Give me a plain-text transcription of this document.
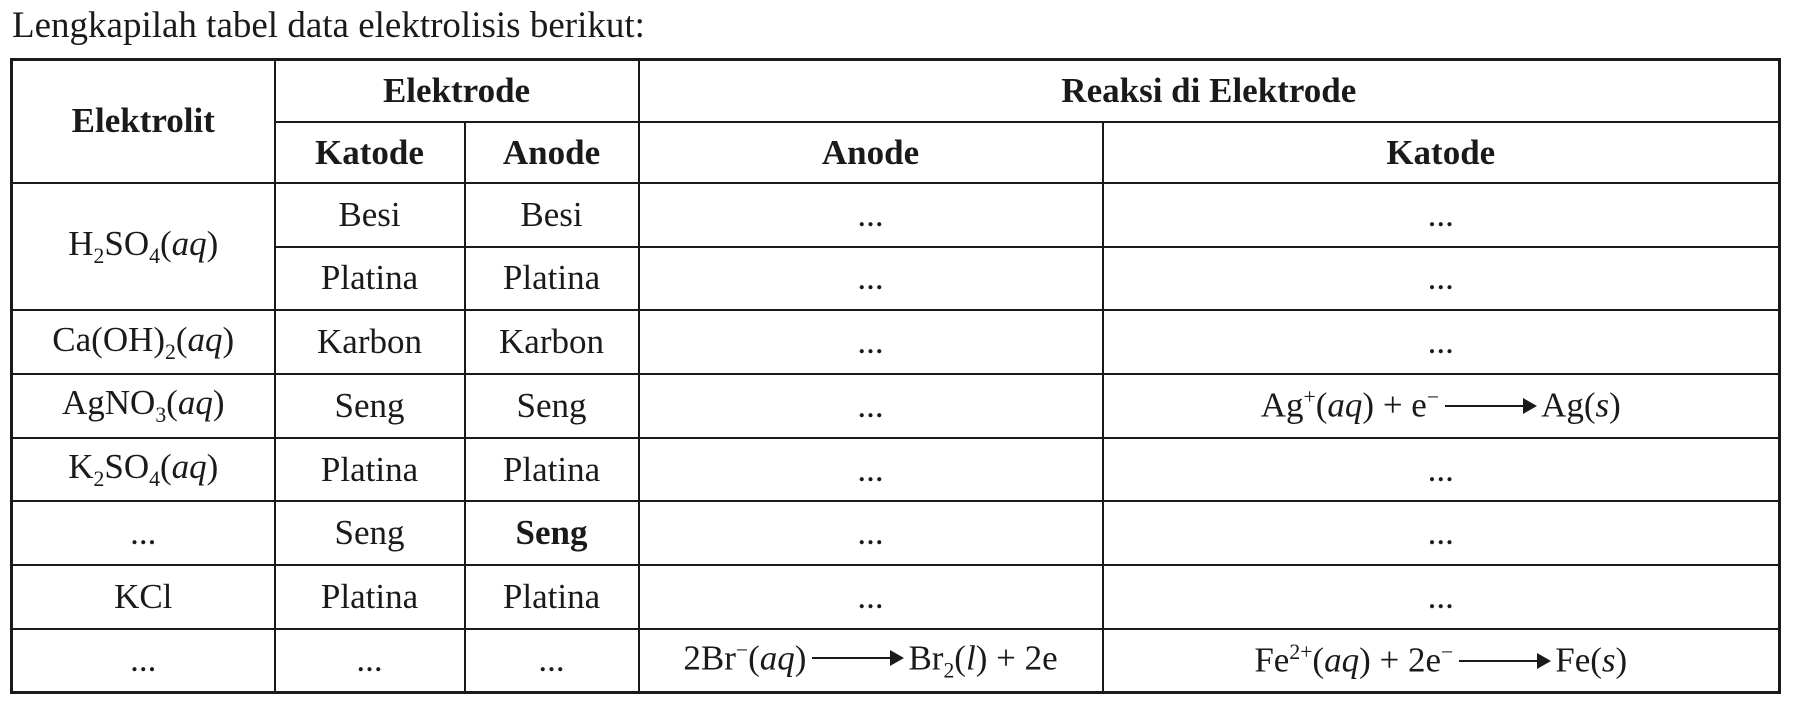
Lengkapilah tabel data elektrolisis berikut:
Elektrolit	Elektrode		Reaksi di Elektrode	
	Katode	Anode	Anode	Katode
$H_2SO_4(aq)$	Besi	Besi	...	...
	Platina	Platina	...	...
$Ca(OH)_2(aq)$	Karbon	Karbon	...	...
AgNO$_3$(aq)	Seng	Seng	...	Ag+(aq) + e− Ag(s)
$K_2SO_4(aq)$	Platina	Platina	...	...
...	Seng	Seng	...	...
KCl	Platina	Platina	...	...
...	...	...	2Br−(aq) $Br_2(l) + 2e$	$Fe^{2+}(aq) + 2e^-$ Fe(s)
